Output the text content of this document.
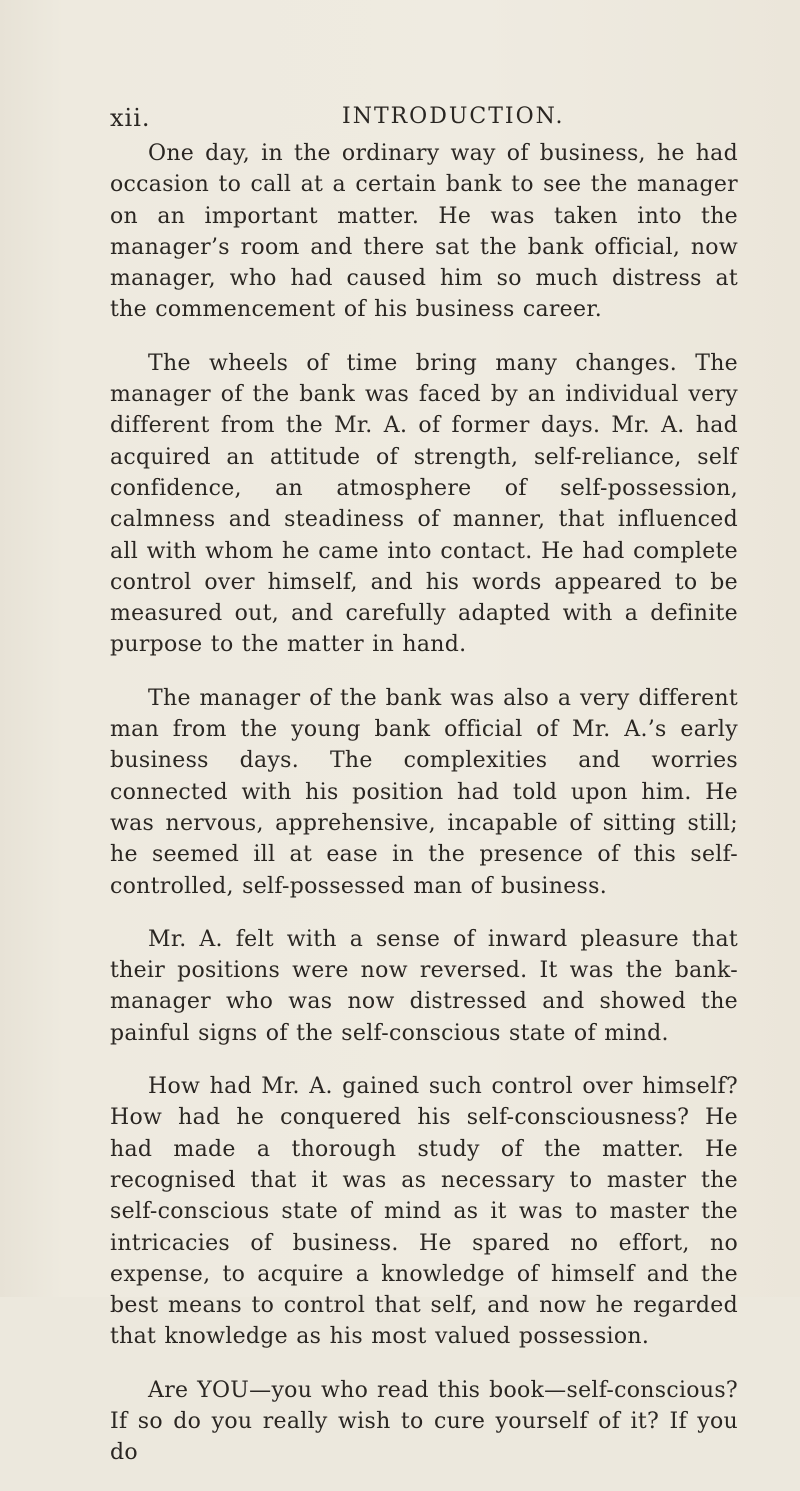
xii.	INTRODUCTION.

One day, in the ordinary way of business, he had occasion to call at a certain bank to see the manager on an important matter. He was taken into the manager’s room and there sat the bank official, now manager, who had caused him so much distress at the commencement of his business career.

The wheels of time bring many changes. The manager of the bank was faced by an individual very different from the Mr. A. of former days. Mr. A. had acquired an attitude of strength, self-reliance, self confidence, an atmosphere of self-possession, calmness and steadiness of manner, that influenced all with whom he came into contact. He had complete control over himself, and his words appeared to be measured out, and carefully adapted with a definite purpose to the matter in hand.

The manager of the bank was also a very different man from the young bank official of Mr. A.’s early business days. The complexities and worries connected with his position had told upon him. He was nervous, apprehensive, incapable of sitting still; he seemed ill at ease in the presence of this self-controlled, self-possessed man of business.

Mr. A. felt with a sense of inward pleasure that their positions were now reversed. It was the bank-manager who was now distressed and showed the painful signs of the self-conscious state of mind.

How had Mr. A. gained such control over himself? How had he conquered his self-consciousness? He had made a thorough study of the matter. He recognised that it was as necessary to master the self-conscious state of mind as it was to master the intricacies of business. He spared no effort, no expense, to acquire a knowledge of himself and the best means to control that self, and now he regarded that knowledge as his most valued possession.

Are YOU—you who read this book—self-conscious? If so do you really wish to cure yourself of it? If you do
